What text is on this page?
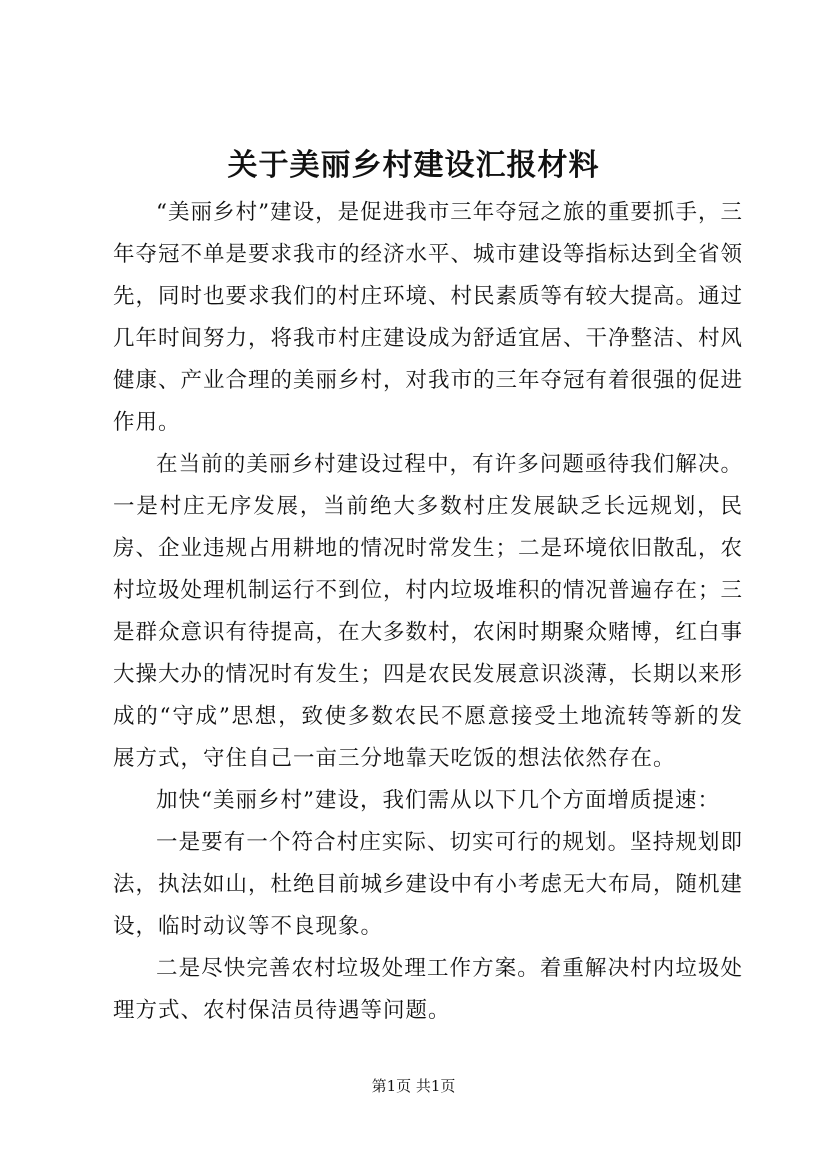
关于美丽乡村建设汇报材料

“美丽乡村”建设，是促进我市三年夺冠之旅的重要抓手，三年夺冠不单是要求我市的经济水平、城市建设等指标达到全省领先，同时也要求我们的村庄环境、村民素质等有较大提高。通过几年时间努力，将我市村庄建设成为舒适宜居、干净整洁、村风健康、产业合理的美丽乡村，对我市的三年夺冠有着很强的促进作用。

在当前的美丽乡村建设过程中，有许多问题亟待我们解决。一是村庄无序发展，当前绝大多数村庄发展缺乏长远规划，民房、企业违规占用耕地的情况时常发生；二是环境依旧散乱，农村垃圾处理机制运行不到位，村内垃圾堆积的情况普遍存在；三是群众意识有待提高，在大多数村，农闲时期聚众赌博，红白事大操大办的情况时有发生；四是农民发展意识淡薄，长期以来形成的“守成”思想，致使多数农民不愿意接受土地流转等新的发展方式，守住自己一亩三分地靠天吃饭的想法依然存在。

加快“美丽乡村”建设，我们需从以下几个方面增质提速：

一是要有一个符合村庄实际、切实可行的规划。坚持规划即法，执法如山，杜绝目前城乡建设中有小考虑无大布局，随机建设，临时动议等不良现象。

二是尽快完善农村垃圾处理工作方案。着重解决村内垃圾处理方式、农村保洁员待遇等问题。

第1页 共1页
